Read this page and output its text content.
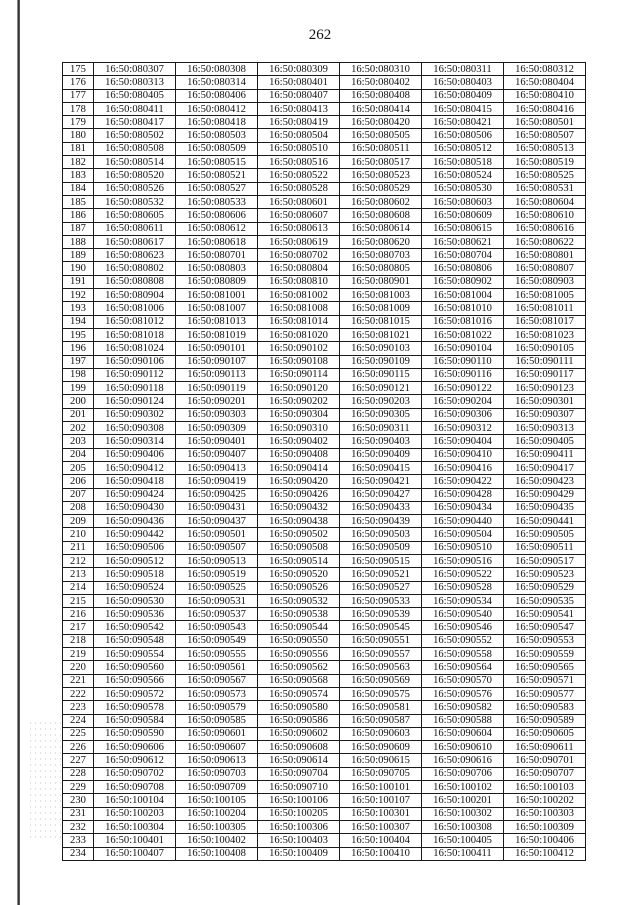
262
175	16:50:080307	16:50:080308	16:50:080309	16:50:080310	16:50:080311	16:50:080312
176	16:50:080313	16:50:080314	16:50:080401	16:50:080402	16:50:080403	16:50:080404
177	16:50:080405	16:50:080406	16:50:080407	16:50:080408	16:50:080409	16:50:080410
178	16:50:080411	16:50:080412	16:50:080413	16:50:080414	16:50:080415	16:50:080416
179	16:50:080417	16:50:080418	16:50:080419	16:50:080420	16:50:080421	16:50:080501
180	16:50:080502	16:50:080503	16:50:080504	16:50:080505	16:50:080506	16:50:080507
181	16:50:080508	16:50:080509	16:50:080510	16:50:080511	16:50:080512	16:50:080513
182	16:50:080514	16:50:080515	16:50:080516	16:50:080517	16:50:080518	16:50:080519
183	16:50:080520	16:50:080521	16:50:080522	16:50:080523	16:50:080524	16:50:080525
184	16:50:080526	16:50:080527	16:50:080528	16:50:080529	16:50:080530	16:50:080531
185	16:50:080532	16:50:080533	16:50:080601	16:50:080602	16:50:080603	16:50:080604
186	16:50:080605	16:50:080606	16:50:080607	16:50:080608	16:50:080609	16:50:080610
187	16:50:080611	16:50:080612	16:50:080613	16:50:080614	16:50:080615	16:50:080616
188	16:50:080617	16:50:080618	16:50:080619	16:50:080620	16:50:080621	16:50:080622
189	16:50:080623	16:50:080701	16:50:080702	16:50:080703	16:50:080704	16:50:080801
190	16:50:080802	16:50:080803	16:50:080804	16:50:080805	16:50:080806	16:50:080807
191	16:50:080808	16:50:080809	16:50:080810	16:50:080901	16:50:080902	16:50:080903
192	16:50:080904	16:50:081001	16:50:081002	16:50:081003	16:50:081004	16:50:081005
193	16:50:081006	16:50:081007	16:50:081008	16:50:081009	16:50:081010	16:50:081011
194	16:50:081012	16:50:081013	16:50:081014	16:50:081015	16:50:081016	16:50:081017
195	16:50:081018	16:50:081019	16:50:081020	16:50:081021	16:50:081022	16:50:081023
196	16:50:081024	16:50:090101	16:50:090102	16:50:090103	16:50:090104	16:50:090105
197	16:50:090106	16:50:090107	16:50:090108	16:50:090109	16:50:090110	16:50:090111
198	16:50:090112	16:50:090113	16:50:090114	16:50:090115	16:50:090116	16:50:090117
199	16:50:090118	16:50:090119	16:50:090120	16:50:090121	16:50:090122	16:50:090123
200	16:50:090124	16:50:090201	16:50:090202	16:50:090203	16:50:090204	16:50:090301
201	16:50:090302	16:50:090303	16:50:090304	16:50:090305	16:50:090306	16:50:090307
202	16:50:090308	16:50:090309	16:50:090310	16:50:090311	16:50:090312	16:50:090313
203	16:50:090314	16:50:090401	16:50:090402	16:50:090403	16:50:090404	16:50:090405
204	16:50:090406	16:50:090407	16:50:090408	16:50:090409	16:50:090410	16:50:090411
205	16:50:090412	16:50:090413	16:50:090414	16:50:090415	16:50:090416	16:50:090417
206	16:50:090418	16:50:090419	16:50:090420	16:50:090421	16:50:090422	16:50:090423
207	16:50:090424	16:50:090425	16:50:090426	16:50:090427	16:50:090428	16:50:090429
208	16:50:090430	16:50:090431	16:50:090432	16:50:090433	16:50:090434	16:50:090435
209	16:50:090436	16:50:090437	16:50:090438	16:50:090439	16:50:090440	16:50:090441
210	16:50:090442	16:50:090501	16:50:090502	16:50:090503	16:50:090504	16:50:090505
211	16:50:090506	16:50:090507	16:50:090508	16:50:090509	16:50:090510	16:50:090511
212	16:50:090512	16:50:090513	16:50:090514	16:50:090515	16:50:090516	16:50:090517
213	16:50:090518	16:50:090519	16:50:090520	16:50:090521	16:50:090522	16:50:090523
214	16:50:090524	16:50:090525	16:50:090526	16:50:090527	16:50:090528	16:50:090529
215	16:50:090530	16:50:090531	16:50:090532	16:50:090533	16:50:090534	16:50:090535
216	16:50:090536	16:50:090537	16:50:090538	16:50:090539	16:50:090540	16:50:090541
217	16:50:090542	16:50:090543	16:50:090544	16:50:090545	16:50:090546	16:50:090547
218	16:50:090548	16:50:090549	16:50:090550	16:50:090551	16:50:090552	16:50:090553
219	16:50:090554	16:50:090555	16:50:090556	16:50:090557	16:50:090558	16:50:090559
220	16:50:090560	16:50:090561	16:50:090562	16:50:090563	16:50:090564	16:50:090565
221	16:50:090566	16:50:090567	16:50:090568	16:50:090569	16:50:090570	16:50:090571
222	16:50:090572	16:50:090573	16:50:090574	16:50:090575	16:50:090576	16:50:090577
223	16:50:090578	16:50:090579	16:50:090580	16:50:090581	16:50:090582	16:50:090583
224	16:50:090584	16:50:090585	16:50:090586	16:50:090587	16:50:090588	16:50:090589
225	16:50:090590	16:50:090601	16:50:090602	16:50:090603	16:50:090604	16:50:090605
226	16:50:090606	16:50:090607	16:50:090608	16:50:090609	16:50:090610	16:50:090611
227	16:50:090612	16:50:090613	16:50:090614	16:50:090615	16:50:090616	16:50:090701
228	16:50:090702	16:50:090703	16:50:090704	16:50:090705	16:50:090706	16:50:090707
229	16:50:090708	16:50:090709	16:50:090710	16:50:100101	16:50:100102	16:50:100103
230	16:50:100104	16:50:100105	16:50:100106	16:50:100107	16:50:100201	16:50:100202
231	16:50:100203	16:50:100204	16:50:100205	16:50:100301	16:50:100302	16:50:100303
232	16:50:100304	16:50:100305	16:50:100306	16:50:100307	16:50:100308	16:50:100309
233	16:50:100401	16:50:100402	16:50:100403	16:50:100404	16:50:100405	16:50:100406
234	16:50:100407	16:50:100408	16:50:100409	16:50:100410	16:50:100411	16:50:100412
